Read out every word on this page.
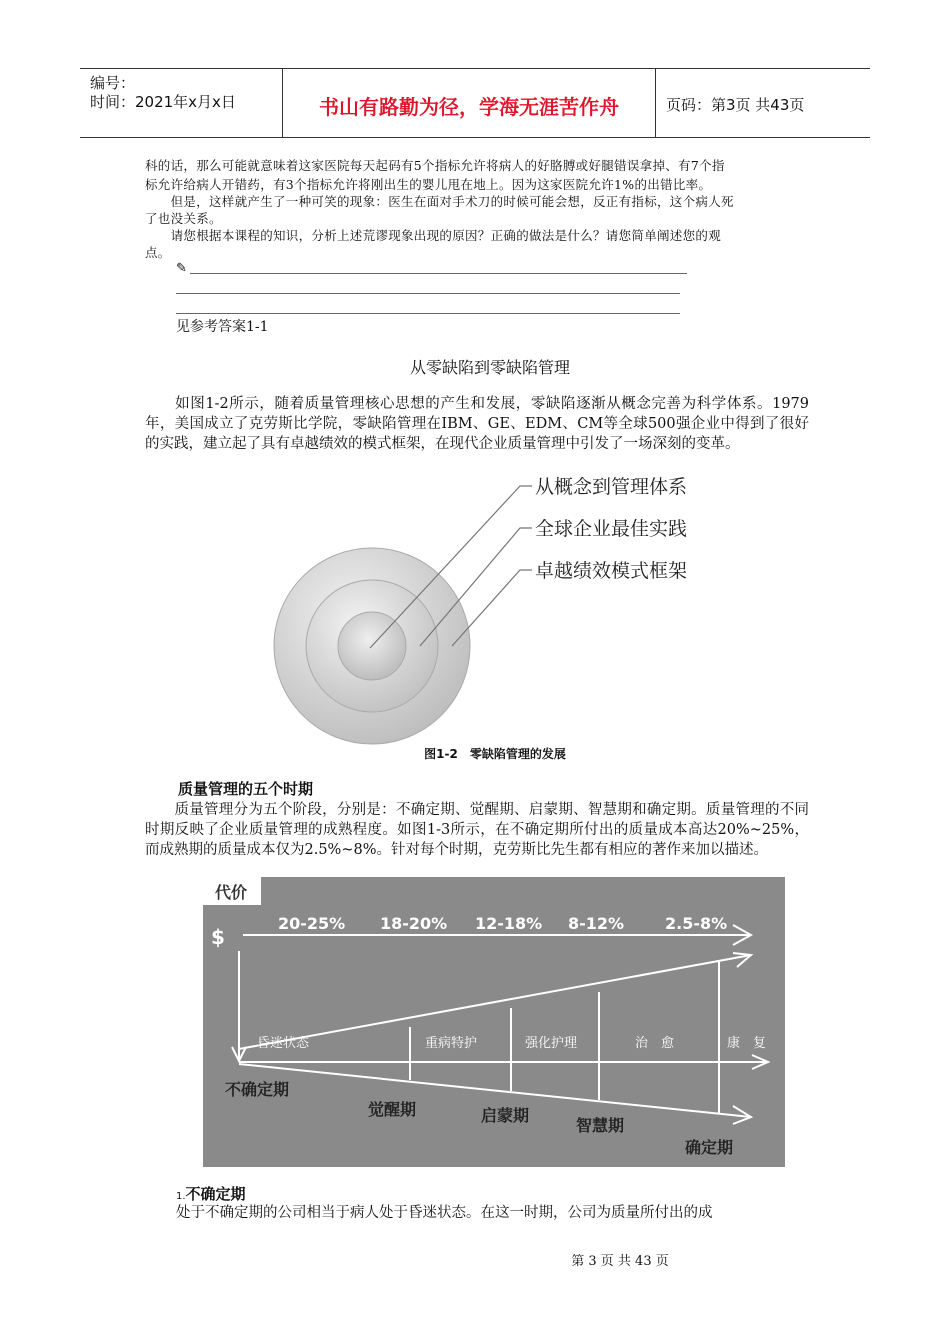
编号：
时间：2021年x月x日	书山有路勤为径，学海无涯苦作舟	页码：第3页 共43页
科的话，那么可能就意味着这家医院每天起码有5个指标允许将病人的好胳膊或好腿错误拿掉、有7个指
标允许给病人开错药，有3个指标允许将刚出生的婴儿甩在地上。因为这家医院允许1%的出错比率。
　　但是，这样就产生了一种可笑的现象：医生在面对手术刀的时候可能会想，反正有指标，这个病人死
了也没关系。
　　请您根据本课程的知识，分析上述荒谬现象出现的原因？正确的做法是什么？请您简单阐述您的观
点。
✎
见参考答案1-1
从零缺陷到零缺陷管理
　　如图1-2所示，随着质量管理核心思想的产生和发展，零缺陷逐渐从概念完善为科学体系。1979年，美国成立了克劳斯比学院，零缺陷管理在IBM、GE、EDM、CM等全球500强企业中得到了很好的实践，建立起了具有卓越绩效的模式框架，在现代企业质量管理中引发了一场深刻的变革。
从概念到管理体系
全球企业最佳实践
卓越绩效模式框架
图1-2　零缺陷管理的发展
质量管理的五个时期
　　质量管理分为五个阶段，分别是：不确定期、觉醒期、启蒙期、智慧期和确定期。质量管理的不同时期反映了企业质量管理的成熟程度。如图1-3所示，在不确定期所付出的质量成本高达20%~25%，而成熟期的质量成本仅为2.5%~8%。针对每个时期，克劳斯比先生都有相应的著作来加以描述。
代价
$
20-25% 18-20% 12-18% 8-12%	2.5-8%
昏迷状态	重病特护	强化护理	治　愈	康　复
不确定期
觉醒期	启蒙期
智慧期
确定期
1.不确定期
处于不确定期的公司相当于病人处于昏迷状态。在这一时期，公司为质量所付出的成
第 3 页 共 43 页
